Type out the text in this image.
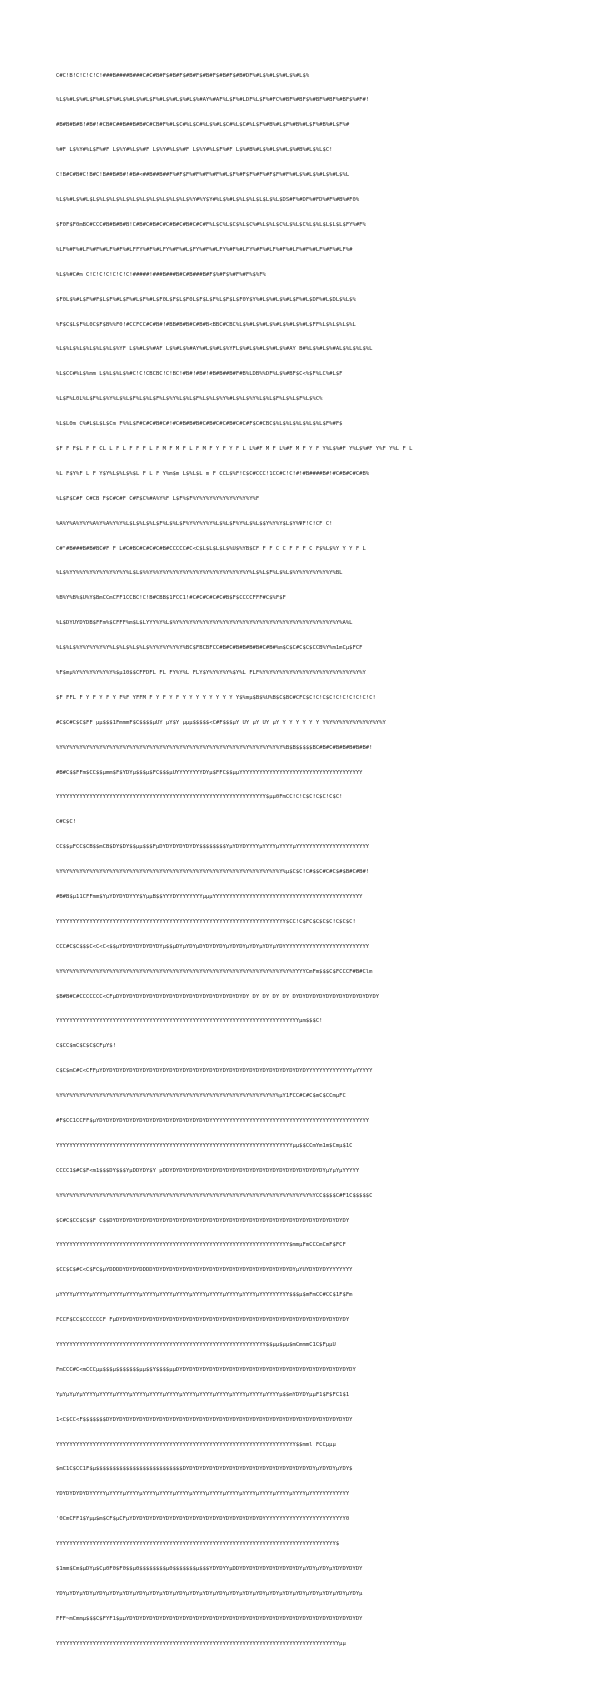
C#C!B!C!C!C!C!###B####B###C#C#B#F$#B#F$#B#F$#B#F$#B#F$#B#DF%#L$%#L$%#L$%#L$%

%L$%#L$%#L$F%#L$F%#L$%#L$%#L$F%#L$%#L$%#L$%#AY%#AF%L$F%#LDF%L$F%#FC%#BF%#BF$%#BF%#BF%#BF$%#F#!

#B#B#B#B!#B#!#CB#C##B##B#B#C#CB#F%#L$C#%L$C#%L$%#L$C#%L$C#%L$F%#B%#L$F%#B%#L$F%#B%#L$F%#

%#F L$%Y#%L$F%#F L$%Y#%L$%#F L$%Y#%L$%#F L$%Y#%L$F%#F L$%#B%#L$%#L$%#L$%#B%#L$%L$C!

C!B#C#B#C!B#C!B##B#B#!#B#<##B##B##F%#F$F%#F%#F%#F%#L$F%#F$F%#F%#F$F%#F%#L$%#L$%#L$%#L$%L

%L$%#L$%#L$L$%L$%L$%L$%L$%L$%L$%L$%L$%L$%Y#%Y$Y#%L$%#L$%L$%L$L$L$%L$DS#F%#DF%#FD%#F%#B%#F0%

$F0F$F0mBC#CCC#B#B#B#B!C#B#C#B#C#C#B#C#B#C#C#F%L$C%L$C$%L$C%#%L$%L$C%L$%L$C%L$%L$L$L$L$FY%#F%

%LF%#F%#LF%#F%#LF%#F%#LFFY%#F%#LFY%#F%#L$FY%#F%#LFY%#F%#LFY%#F%#LF%#F%#LF%#F%#LF%#F%#LF%#

%L$%#C#m C!C!C!C!C!C!C!#####!###B###B#C#B###B#F$%#F$%#F%#F%$%F%

$F0L$%#L$F%#F$L$F%#L$F%#L$F%#L$F0L$F$L$F0L$F$L$F%L$F$L$F0Y$Y%#L$%#L$%#L$F%#L$DF%#L$DL$%L$%

%F$C$L$F%L0C$F$B%%F0!#CCFCC#C#B#!#BB#B#B#C#B#B<BBC#CBC%L$%#L$%#L$%#L$%#L$%#L$FF%L$%L$%L$%L

%L$%L$%L$%L$%L$%L$%YF L$%#L$%#AF L$%#L$%#AY%#L$%#L$%YFL$%#L$%#L$%#L$%#AY B#%L$%#L$%#AL$%L$%L$%L

%L$CC#%L$%mm L$%L$%L$%#C!C!CBCBC!C!BC!#B#!#B#!#B#B##B#F#B%LDB%%DF%L$%#BF$C<%$F%LC%#L$F

%L$F%L0L%L$F%L$%Y%L$%L$F%L$%L$F%L$%Y%L$%L$F%L$%L$%Y%#L$%L$%Y%L$%L$F%L$%L$F%L$%C%

%L$L0m C%#L$L$L$Cm F%%L$F#C#C#B#C#!#C#B#B#B#C#B#C#C#B#C#C#F$C#CBC$%L$%L$%L$%L$%L$F%#F$

$F F F$L F F CL L F L F F F L F M F M F L F M F Y F Y F L L%#F M F L%#F M F Y F Y%L$%#F Y%L$%#F Y%F Y%L F L

%L F$Y%F L F Y$Y%L$%L$%$L F L F Y%m$m L$%L$L m F CCL$%F!C$C#CCC!1CC#C!C!#!#B####B#!#C#B#C#C#B%

%L$F$C#F C#CB F$C#C#F C#F$C%#A%Y%F L$F%$F%Y%Y%Y%Y%Y%Y%Y%Y%Y%F

%A%Y%A%Y%Y%A%Y%A%Y%Y%L$L$%L$%L$F%L$%L$F%Y%Y%Y%Y%L$%L$F%Y%L$%L$$Y%Y%Y$L$Y%ΨF!C!CF C!

C#"#B###B#B#BC#F F L#C#BC#C#C#C#B#CCCCC#C<C$L$L$L$L$%U$%YB$CF F F C C F F F C F$%L$%Y Y Y F L

%L$%YY%%Y%Y%Y%Y%Y%Y%Y%L$L$%%Y%%Y%Y%Y%Y%Y%Y%Y%Y%Y%Y%Y%Y%Y%Y%L$%L$F%L$%L$%Y%Y%Y%Y%Y%Y%BL

%B%Y%B%$U%Y$BmCCmCFF1CCBC!C!B#CBB$1FCC1!#C#C#C#C#C#B$F$CCCCFFF#C$%F$F

%L$DYUYDYDB$FFm%$CFFF%m$L$LYYY%Y%L$%Y%Y%Y%Y%Y%Y%Y%Y%Y%Y%Y%Y%Y%Y%Y%Y%Y%Y%Y%Y%Y%Y%Y%Y%Y%A%L

%L$%L$%Y%Y%Y%Y%Y%L$%L$%L$%L$%Y%Y%Y%Y%Y%BC$FBCBFCC#B#C#B#B#B#B#C#B#%m$C$C#C$C$CCB%Y%m1mCμ$FCF

%F$mμ%Y%Y%Y%Y%Y%Y%$μ10$$CFFDFL FL FY%Y%L FLY$Y%Y%Y%Y%$Y%L FLF%Y%Y%Y%Y%Y%Y%Y%Y%Y%Y%Y%Y%Y%Y%Y%Y

$F FFL F Y F Y F Y F%F YFFM F Y F Y F Y Y Y Y Y Y Y Y Y$%mμ$B$%U%B$C$BC#CFC$C!C!C$C!C!C!C!C!C!C!

#C$C#C$C$FF μμ$$$1FmmmF$C$$$$μUY μY$Y μμμ$$$$$<C#F$$$μY UY μY UY μY Y Y Y Y Y Y Y%Y%Y%Y%Y%Y%Y%Y%Y%Y

%Y%Y%Y%Y%Y%Y%Y%Y%Y%Y%Y%Y%Y%Y%Y%Y%Y%Y%Y%Y%Y%Y%Y%Y%Y%Y%Y%Y%Y%Y%Y%Y%Y%Y%B$B$$$$$BC#B#C#B#B#B#B#B#!

#B#C$$FFm$CC$$μmm$F$YDYμ$$$μ$FC$$$μUYYYYYYYYDYμ$FFC$$μμYYYYYYYYYYYYYYYYYYYYYYYYYYYYYYYYYYYYY

YYYYYYYYYYYYYYYYYYYYYYYYYYYYYYYYYYYYYYYYYYYYYYYYYYYYYYYYYYYYYYY$μμ0FmCC!C!C$C!C$C!C$C!

C#C$C!

CC$$μFCC$CB$$mCB$DY$DY$$μμ$$$FμDYDYDYDYDYDY$$$$$$$$YμYDYDYYYYμYYYYμYYYYμYYYYYYYYYYYYYYYYYYYYYY

%Y%Y%Y%Y%Y%Y%Y%Y%Y%Y%Y%Y%Y%Y%Y%Y%Y%Y%Y%Y%Y%Y%Y%Y%Y%Y%Y%Y%Y%Y%Y%Y%Y%Y%μ$C$C!C#$$C#C#C$#$B#C#B#!

#B#B$μ11CFFmm$YμYDYDYDYYY$YμμB$$YYYDYYYYYYYYμμμYYYYYYYYYYYYYYYYYYYYYYYYYYYYYYYYYYYYYYYYYYYYY

YYYYYYYYYYYYYYYYYYYYYYYYYYYYYYYYYYYYYYYYYYYYYYYYYYYYYYYYYYYYYYYYYYYYY$CC!C$FC$C$C$C!C$C$C!

CCC#C$C$$$C<C<C<$$μYDYDYDYDYDYDYμ$$μDYμYDYμDYDYDYDYμYDYDYμYDYμYDYμYDYYYYYYYYYYYYYYYYYYYYYYYYYY

%Y%Y%Y%Y%Y%Y%Y%Y%Y%Y%Y%Y%Y%Y%Y%Y%Y%Y%Y%Y%Y%Y%Y%Y%Y%Y%Y%Y%Y%Y%Y%Y%Y%Y%Y%YYYYCmFm$$$C$FCCCF#B#Clm

$B#B#C#CCCCCCC<CFμDYDYDYDYDYDYDYDYDYDYDYDYDYDYDYDYDYDYDYDY DY DY DY DY DYDYDYDYDYDYDYDYDYDYDYDYDY

YYYYYYYYYYYYYYYYYYYYYYYYYYYYYYYYYYYYYYYYYYYYYYYYYYYYYYYYYYYYYYYYYYYYYYYYYμm$$$C!

C$CC$mC$C$C$CFμY$!

C$C$mC#C<CFFμYDYDYDYDYDYDYDYDYDYDYDYDYDYDYDYDYDYDYDYDYDYDYDYDYDYDYDYDYDYDYDYYYYYYYYYYYYYYμYYYYY

%Y%Y%Y%Y%Y%Y%Y%Y%Y%Y%Y%Y%Y%Y%Y%Y%Y%Y%Y%Y%Y%Y%Y%Y%Y%Y%Y%Y%Y%Y%Y%Y%Y%μY1FCC#C#C$mC$CCmμFC

#F$CC1CCFF$μYDYDYDYDYDYDYDYDYDYDYDYDYDYDYDYDYDYYYYYYYYYYYYYYYYYYYYYYYYYYYYYYYYYYYYYYYYYYYYYYYY

YYYYYYYYYYYYYYYYYYYYYYYYYYYYYYYYYYYYYYYYYYYYYYYYYYYYYYYYYYYYYYYYYYYYYYYμμ$$CCmYm1m$Cmμ$1C

CCCC1$#C$F<m1$$$DY$$$YμDDYDY$Y μDDYDYDYDYDYDYDYDYDYDYDYDYDYDYDYDYDYDYDYDYDYDYDYDYμYμYμYYYYY

%Y%Y%Y%Y%Y%Y%Y%Y%Y%Y%Y%Y%Y%Y%Y%Y%Y%Y%Y%Y%Y%Y%Y%Y%Y%Y%Y%Y%Y%Y%Y%Y%Y%Y%Y%Y%Y%Y%YCC$$$$C#F1C$$$$$C

$C#C$CC$C$$F C$$DYDYDYDYDYDYDYDYDYDYDYDYDYDYDYDYDYDYDYDYDYDYDYDYDYDYDYDYDYDYDYDYDYDYDYDY

YYYYYYYYYYYYYYYYYYYYYYYYYYYYYYYYYYYYYYYYYYYYYYYYYYYYYYYYYYYYYYYYYYYYYY$mmμFmCCCmCmF$FCF

$CC$C$#C<C$FC$μYDDDDYDYDYDDDDYDYDYDYDYDYDYDYDYDYDYDYDYDYDYDYDYDYDYDYDYDYμYUYDYDYDYYYYYYYY

μYYYYμYYYYμYYYYμYYYYμYYYYμYYYYμYYYYμYYYYμYYYYμYYYYμYYYYμYYYYμYYYYYYYYY$$$μ$mFmCC#CC$1F$Fm

FCCF$CC$CCCCCCF FμDYDYDYDYDYDYDYDYDYDYDYDYDYDYDYDYDYDYDYDYDYDYDYDYDYDYDYDYDYDYDYDYDYDYDY

YYYYYYYYYYYYYYYYYYYYYYYYYYYYYYYYYYYYYYYYYYYYYYYYYYYYYYYYYYYYYYY$$μμ$μμ$mCmmmC1C$FμμU

FmCCC#C<mCCCμμ$$$μ$$$$$$$μμ$$Y$$$$μμDYDYDYDYDYDYDYDYDYDYDYDYDYDYDYDYDYDYDYDYDYDYDYDYDYDYDY

YμYμYμYμYYYYμYYYYμYYYYμYYYYμYYYYμYYYYμYYYYμYYYYμYYYYμYYYYμYYYYμYYYYμ$$mYDYDYμμF1$F$FC1$1

1<C$CC<F$$$$$$$DYDYDYDYDYDYDYDYDYDYDYDYDYDYDYDYDYDYDYDYDYDYDYDYDYDYDYDYDYDYDYDYDYDYDYDYDY

YYYYYYYYYYYYYYYYYYYYYYYYYYYYYYYYYYYYYYYYYYYYYYYYYYYYYYYYYYYYYYYYYYYYYYYY$$mml FCCμμμ

$mC1C$CC1F$μ$$$$$$$$$$$$$$$$$$$$$$$$$$DYDYDYDYDYDYDYDYDYDYDYDYDYDYDYDYDYDYDYDYμYDYDYμYDY$

YDYDYDYDYDYYYYYμYYYYμYYYYμYYYYμYYYYμYYYYμYYYYμYYYYμYYYYμYYYYμYYYYμYYYYμYYYYμYYYYYYYYYYYY

'0CmCFF1$Yμμ$m$CF$μCFμYDYDYDYDYDYDYDYDYDYDYDYDYDYDYDYDYDYDYDYDYYYYYYYYYYYYYYYYYYYYYYYYY0

YYYYYYYYYYYYYYYYYYYYYYYYYYYYYYYYYYYYYYYYYYYYYYYYYYYYYYYYYYYYYYYYYYYYYYYYYYYYYYYYYYYY$

$1mm$Cm$μDYμ$Cμ0F0$F0$$μ0$$$$$$$$μ0$$$$$$$μ$$$YDYDYYμDDYDYDYDYDYDYDYDYDYDYμYDYμYDYμYDYDYDYDY

YDYμYDYμYDYμYDYμYDYμYDYμYDYμYDYμYDYμYDYμYDYμYDYμYDYμYDYμYDYμYDYμYDYμYDYμYDYμYDYμYDYμYDYμYDYμ

FFF~mCmmμ$$$C$FYF1$μμYDYDYDYDYDYDYDYDYDYDYDYDYDYDYDYDYDYDYDYDYDYDYDYDYDYDYDYDYDYDYDYDYDYDYDY

YYYYYYYYYYYYYYYYYYYYYYYYYYYYYYYYYYYYYYYYYYYYYYYYYYYYYYYYYYYYYYYYYYYYYYYYYYYYYYYYYYYYYμμ
